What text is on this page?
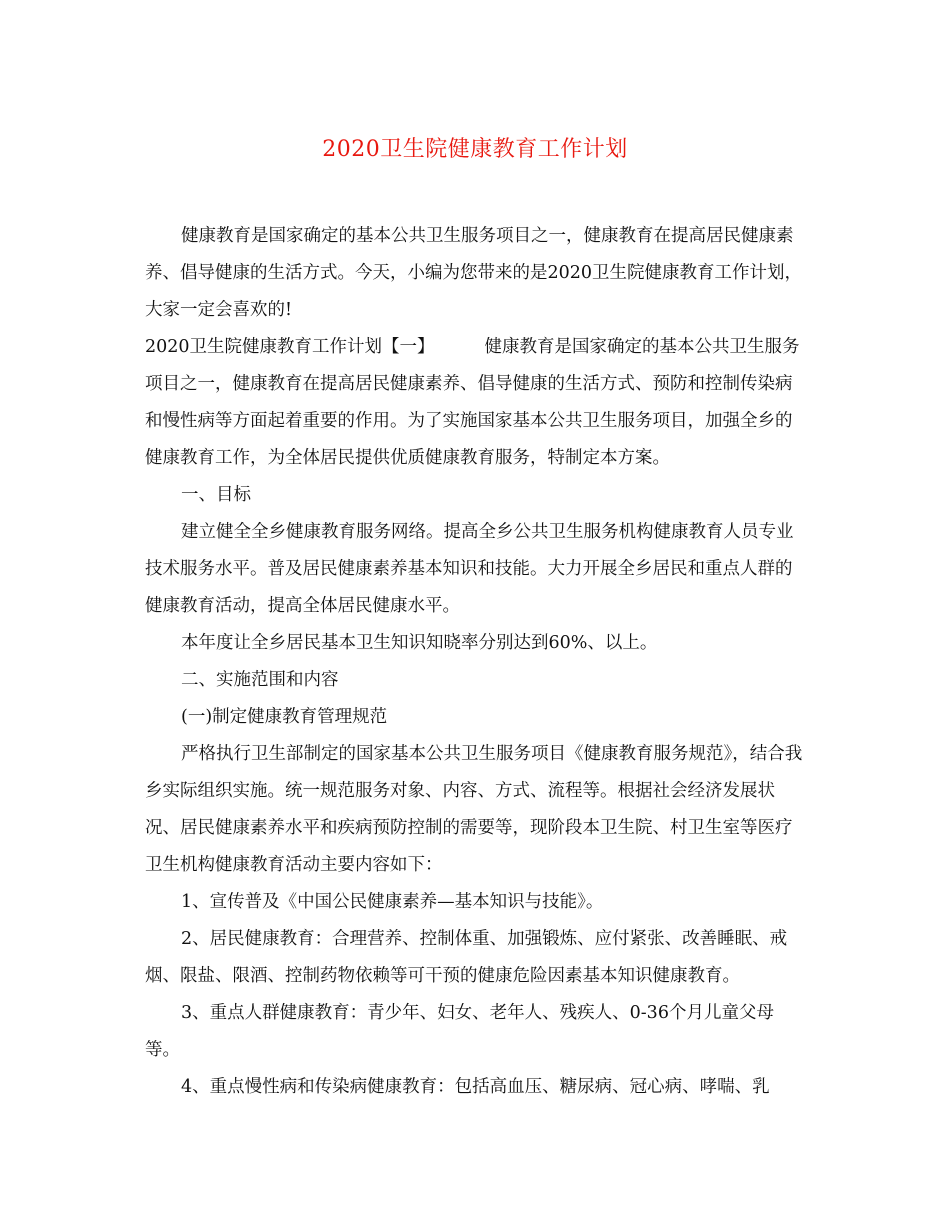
2020卫生院健康教育工作计划

健康教育是国家确定的基本公共卫生服务项目之一，健康教育在提高居民健康素养、倡导健康的生活方式。今天，小编为您带来的是2020卫生院健康教育工作计划，大家一定会喜欢的!

2020卫生院健康教育工作计划【一】	健康教育是国家确定的基本公共卫生服务项目之一，健康教育在提高居民健康素养、倡导健康的生活方式、预防和控制传染病和慢性病等方面起着重要的作用。为了实施国家基本公共卫生服务项目，加强全乡的健康教育工作，为全体居民提供优质健康教育服务，特制定本方案。

一、目标

建立健全全乡健康教育服务网络。提高全乡公共卫生服务机构健康教育人员专业技术服务水平。普及居民健康素养基本知识和技能。大力开展全乡居民和重点人群的健康教育活动，提高全体居民健康水平。

本年度让全乡居民基本卫生知识知晓率分别达到60%、以上。

二、实施范围和内容

(一)制定健康教育管理规范

严格执行卫生部制定的国家基本公共卫生服务项目《健康教育服务规范》，结合我乡实际组织实施。统一规范服务对象、内容、方式、流程等。根据社会经济发展状况、居民健康素养水平和疾病预防控制的需要等，现阶段本卫生院、村卫生室等医疗卫生机构健康教育活动主要内容如下：

1、宣传普及《中国公民健康素养—基本知识与技能》。

2、居民健康教育：合理营养、控制体重、加强锻炼、应付紧张、改善睡眠、戒烟、限盐、限酒、控制药物依赖等可干预的健康危险因素基本知识健康教育。

3、重点人群健康教育：青少年、妇女、老年人、残疾人、0-36个月儿童父母等。

4、重点慢性病和传染病健康教育：包括高血压、糖尿病、冠心病、哮喘、乳
